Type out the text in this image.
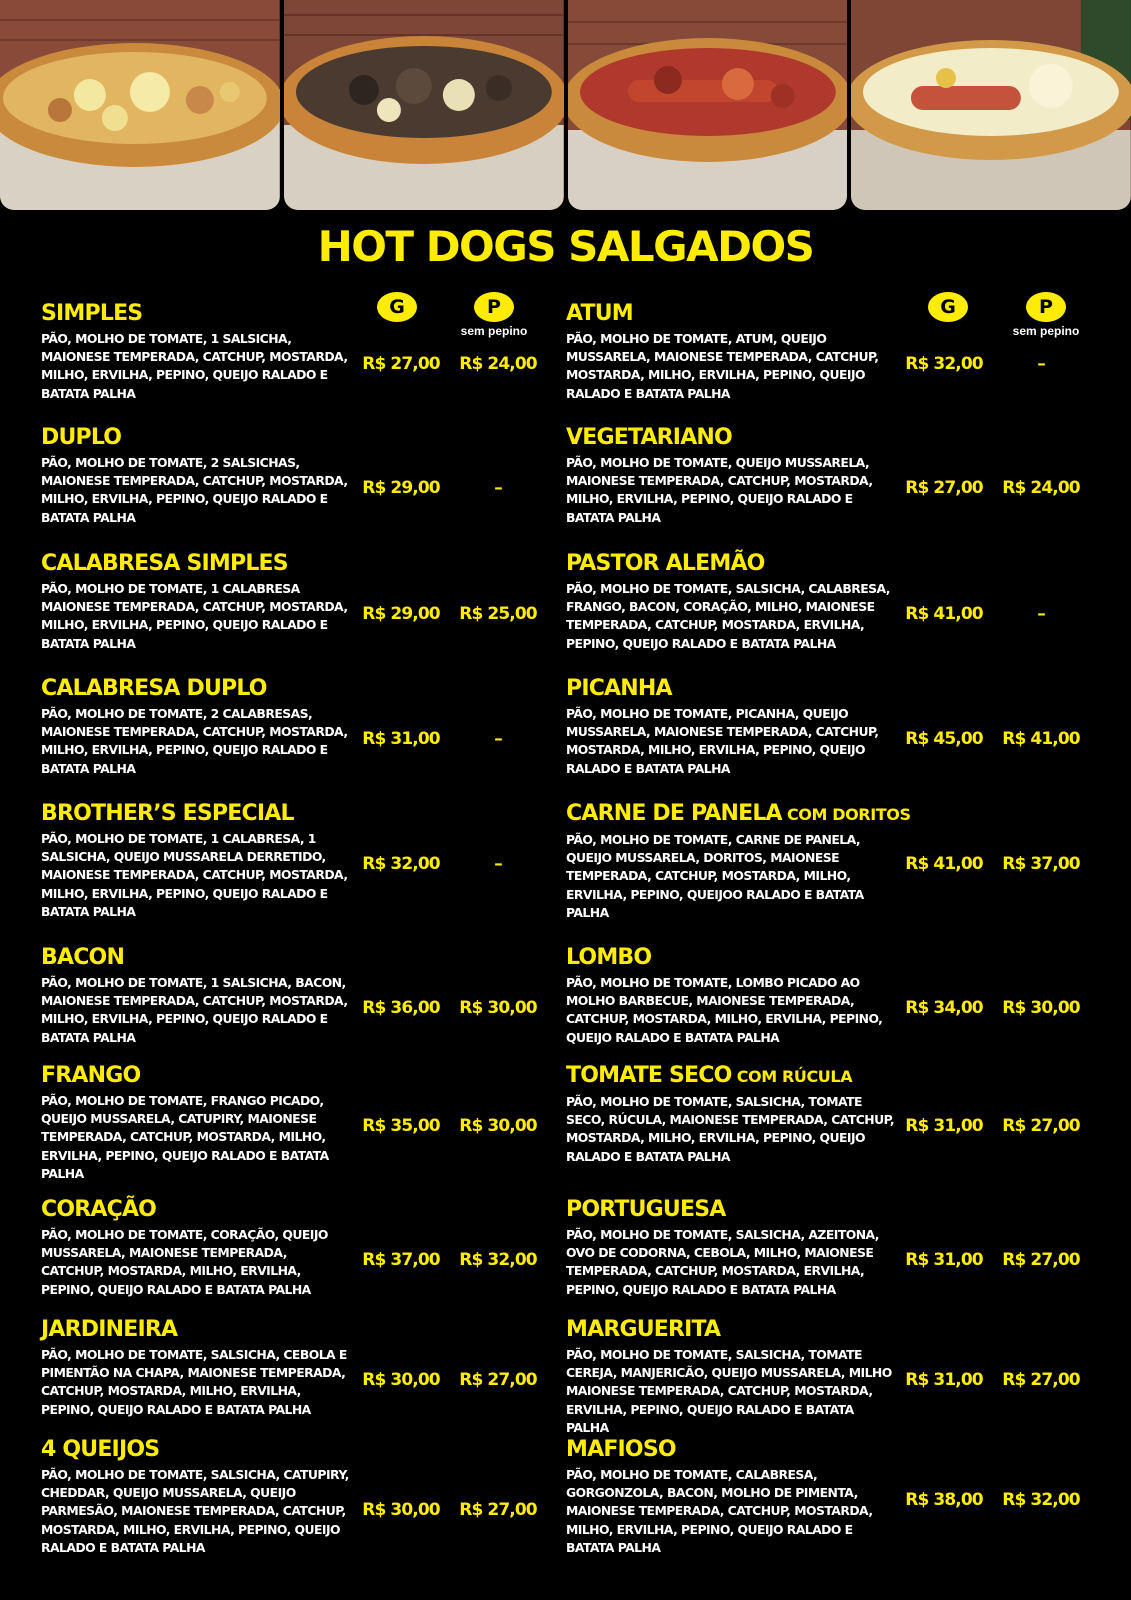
HOT DOGS SALGADOS
G	P
sem pepino
G	P
sem pepino
SIMPLES
PÃO, MOLHO DE TOMATE, 1 SALSICHA, MAIONESE TEMPERADA, CATCHUP, MOSTARDA, MILHO, ERVILHA, PEPINO, QUEIJO RALADO E BATATA PALHA
R$ 27,00	R$ 24,00
DUPLO
PÃO, MOLHO DE TOMATE, 2 SALSICHAS, MAIONESE TEMPERADA, CATCHUP, MOSTARDA, MILHO, ERVILHA, PEPINO, QUEIJO RALADO E BATATA PALHA
R$ 29,00	–
CALABRESA SIMPLES
PÃO, MOLHO DE TOMATE, 1 CALABRESA MAIONESE TEMPERADA, CATCHUP, MOSTARDA, MILHO, ERVILHA, PEPINO, QUEIJO RALADO E BATATA PALHA
R$ 29,00	R$ 25,00
CALABRESA DUPLO
PÃO, MOLHO DE TOMATE, 2 CALABRESAS, MAIONESE TEMPERADA, CATCHUP, MOSTARDA, MILHO, ERVILHA, PEPINO, QUEIJO RALADO E BATATA PALHA
R$ 31,00	–
BROTHER’S ESPECIAL
PÃO, MOLHO DE TOMATE, 1 CALABRESA, 1 SALSICHA, QUEIJO MUSSARELA DERRETIDO, MAIONESE TEMPERADA, CATCHUP, MOSTARDA, MILHO, ERVILHA, PEPINO, QUEIJO RALADO E BATATA PALHA
R$ 32,00	–
BACON
PÃO, MOLHO DE TOMATE, 1 SALSICHA, BACON, MAIONESE TEMPERADA, CATCHUP, MOSTARDA, MILHO, ERVILHA, PEPINO, QUEIJO RALADO E BATATA PALHA
R$ 36,00	R$ 30,00
FRANGO
PÃO, MOLHO DE TOMATE, FRANGO PICADO, QUEIJO MUSSARELA, CATUPIRY, MAIONESE TEMPERADA, CATCHUP, MOSTARDA, MILHO, ERVILHA, PEPINO, QUEIJO RALADO E BATATA PALHA
R$ 35,00	R$ 30,00
CORAÇÃO
PÃO, MOLHO DE TOMATE, CORAÇÃO, QUEIJO MUSSARELA, MAIONESE TEMPERADA, CATCHUP, MOSTARDA, MILHO, ERVILHA, PEPINO, QUEIJO RALADO E BATATA PALHA
R$ 37,00	R$ 32,00
JARDINEIRA
PÃO, MOLHO DE TOMATE, SALSICHA, CEBOLA E PIMENTÃO NA CHAPA, MAIONESE TEMPERADA, CATCHUP, MOSTARDA, MILHO, ERVILHA, PEPINO, QUEIJO RALADO E BATATA PALHA
R$ 30,00	R$ 27,00
4 QUEIJOS
PÃO, MOLHO DE TOMATE, SALSICHA, CATUPIRY, CHEDDAR, QUEIJO MUSSARELA, QUEIJO PARMESÃO, MAIONESE TEMPERADA, CATCHUP, MOSTARDA, MILHO, ERVILHA, PEPINO, QUEIJO RALADO E BATATA PALHA
R$ 30,00	R$ 27,00
ATUM
PÃO, MOLHO DE TOMATE, ATUM, QUEIJO MUSSARELA, MAIONESE TEMPERADA, CATCHUP, MOSTARDA, MILHO, ERVILHA, PEPINO, QUEIJO RALADO E BATATA PALHA
R$ 32,00	–
VEGETARIANO
PÃO, MOLHO DE TOMATE, QUEIJO MUSSARELA, MAIONESE TEMPERADA, CATCHUP, MOSTARDA, MILHO, ERVILHA, PEPINO, QUEIJO RALADO E BATATA PALHA
R$ 27,00	R$ 24,00
PASTOR ALEMÃO
PÃO, MOLHO DE TOMATE, SALSICHA, CALABRESA, FRANGO, BACON, CORAÇÃO, MILHO, MAIONESE TEMPERADA, CATCHUP, MOSTARDA, ERVILHA, PEPINO, QUEIJO RALADO E BATATA PALHA
R$ 41,00	–
PICANHA
PÃO, MOLHO DE TOMATE, PICANHA, QUEIJO MUSSARELA, MAIONESE TEMPERADA, CATCHUP, MOSTARDA, MILHO, ERVILHA, PEPINO, QUEIJO RALADO E BATATA PALHA
R$ 45,00	R$ 41,00
CARNE DE PANELA COM DORITOS
PÃO, MOLHO DE TOMATE, CARNE DE PANELA, QUEIJO MUSSARELA, DORITOS, MAIONESE TEMPERADA, CATCHUP, MOSTARDA, MILHO, ERVILHA, PEPINO, QUEIJOO RALADO E BATATA PALHA
R$ 41,00	R$ 37,00
LOMBO
PÃO, MOLHO DE TOMATE, LOMBO PICADO AO MOLHO BARBECUE, MAIONESE TEMPERADA, CATCHUP, MOSTARDA, MILHO, ERVILHA, PEPINO, QUEIJO RALADO E BATATA PALHA
R$ 34,00	R$ 30,00
TOMATE SECO COM RÚCULA
PÃO, MOLHO DE TOMATE, SALSICHA, TOMATE SECO, RÚCULA, MAIONESE TEMPERADA, CATCHUP, MOSTARDA, MILHO, ERVILHA, PEPINO, QUEIJO RALADO E BATATA PALHA
R$ 31,00	R$ 27,00
PORTUGUESA
PÃO, MOLHO DE TOMATE, SALSICHA, AZEITONA, OVO DE CODORNA, CEBOLA, MILHO, MAIONESE TEMPERADA, CATCHUP, MOSTARDA, ERVILHA, PEPINO, QUEIJO RALADO E BATATA PALHA
R$ 31,00	R$ 27,00
MARGUERITA
PÃO, MOLHO DE TOMATE, SALSICHA, TOMATE CEREJA, MANJERICÃO, QUEIJO MUSSARELA, MILHO MAIONESE TEMPERADA, CATCHUP, MOSTARDA, ERVILHA, PEPINO, QUEIJO RALADO E BATATA PALHA
R$ 31,00	R$ 27,00
MAFIOSO
PÃO, MOLHO DE TOMATE, CALABRESA, GORGONZOLA, BACON, MOLHO DE PIMENTA, MAIONESE TEMPERADA, CATCHUP, MOSTARDA, MILHO, ERVILHA, PEPINO, QUEIJO RALADO E BATATA PALHA
R$ 38,00	R$ 32,00
